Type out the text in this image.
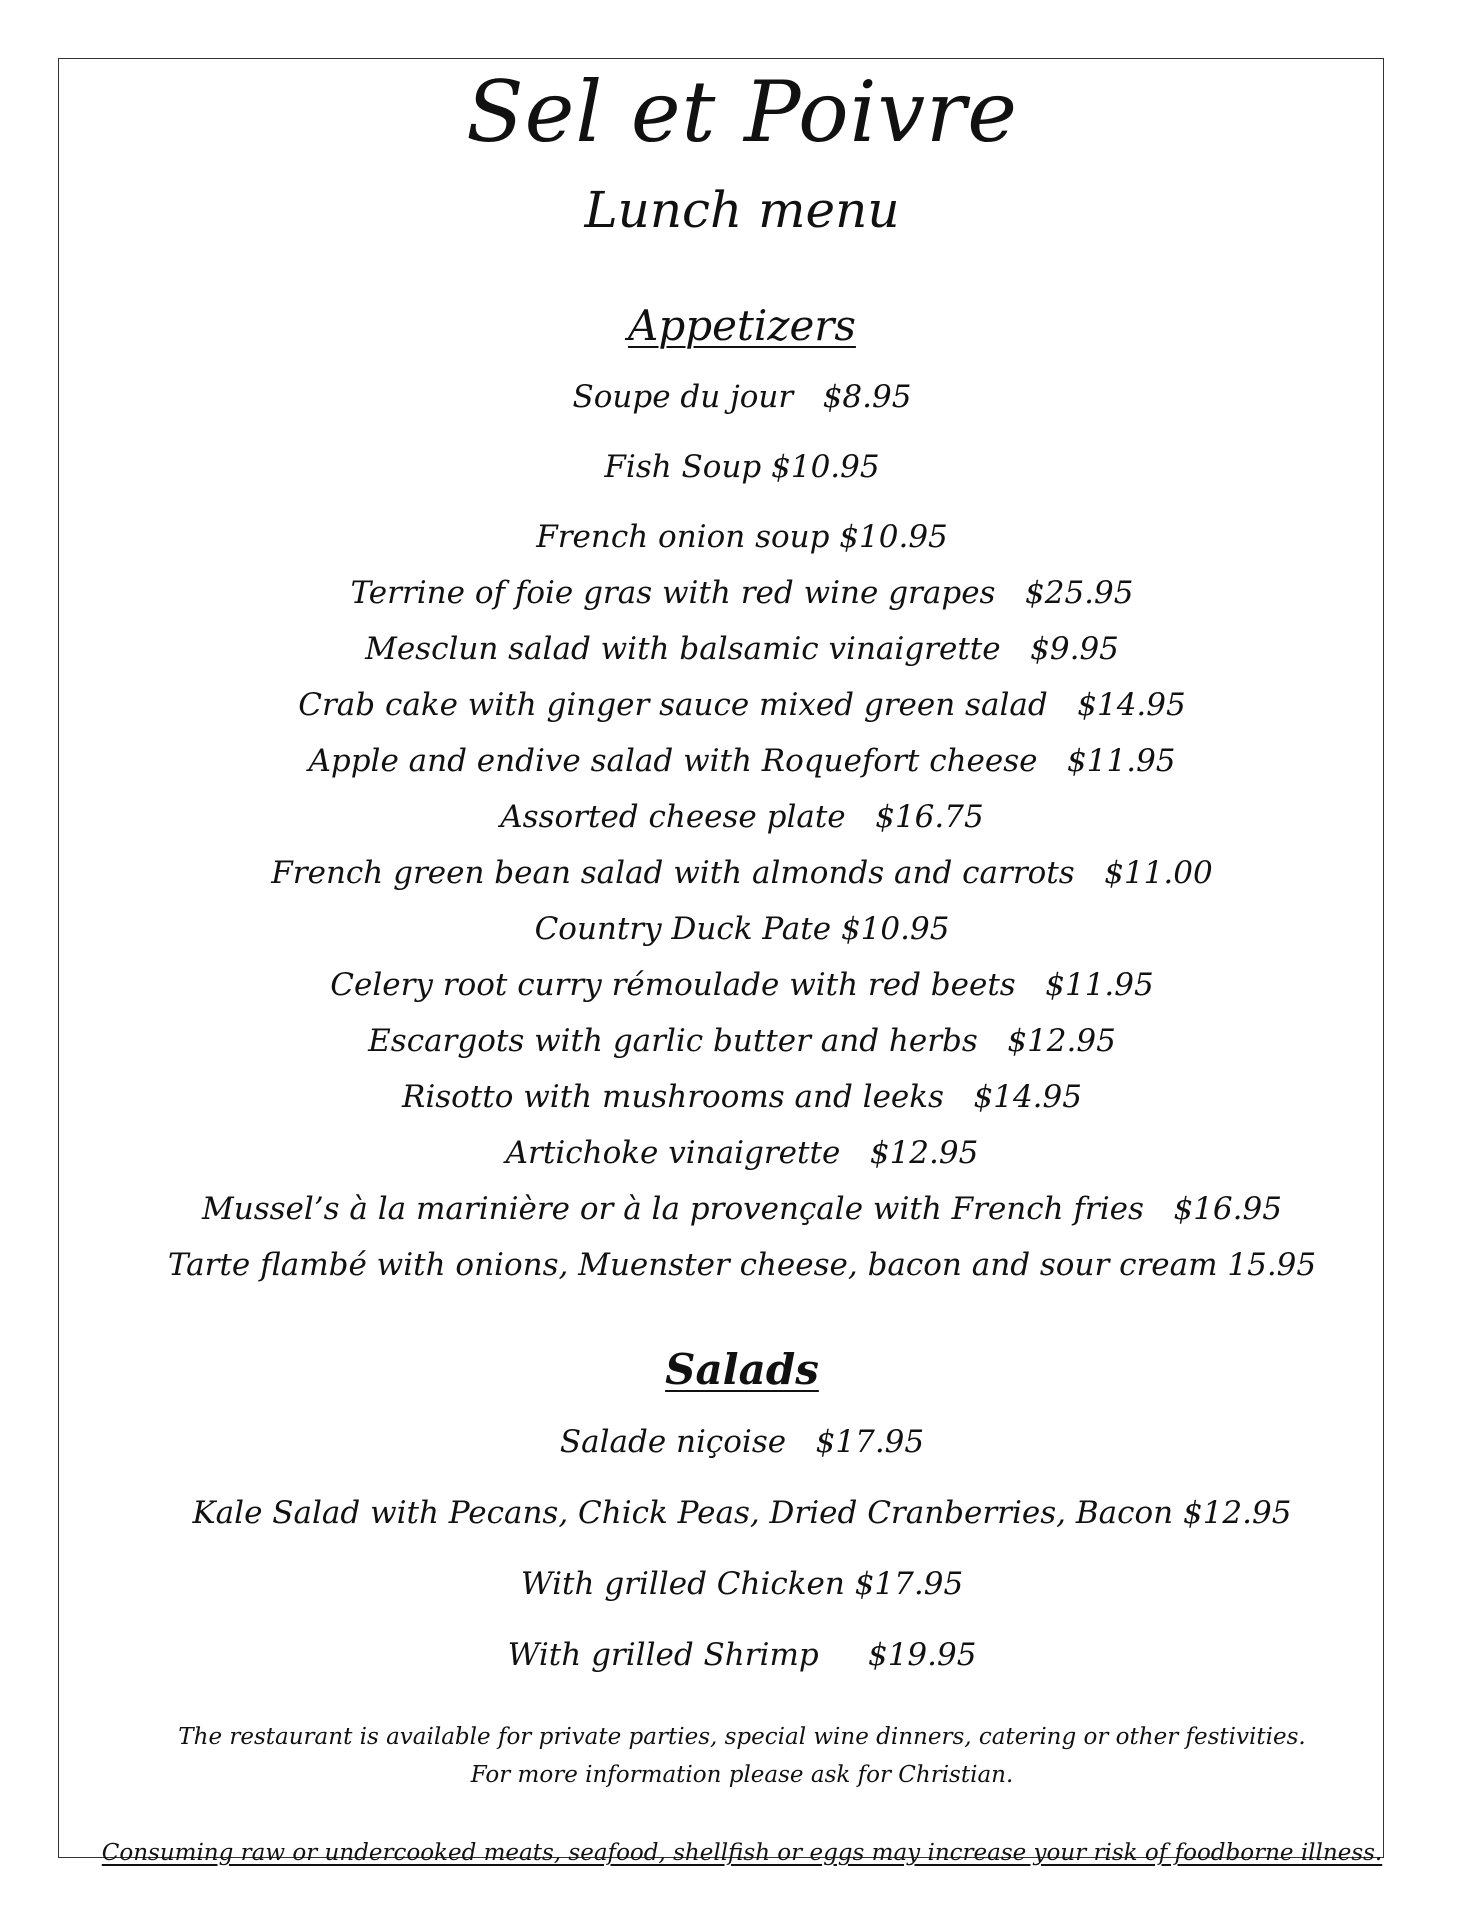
Sel et Poivre
Lunch menu
Appetizers
Soupe du jour   $8.95
Fish Soup $10.95
French onion soup $10.95
Terrine of foie gras with red wine grapes   $25.95
Mesclun salad with balsamic vinaigrette   $9.95
Crab cake with ginger sauce mixed green salad   $14.95
Apple and endive salad with Roquefort cheese   $11.95
Assorted cheese plate   $16.75
French green bean salad with almonds and carrots   $11.00
Country Duck Pate $10.95
Celery root curry rémoulade with red beets   $11.95
Escargots with garlic butter and herbs   $12.95
Risotto with mushrooms and leeks   $14.95
Artichoke vinaigrette   $12.95
Mussel’s à la marinière or à la provençale with French fries   $16.95
Tarte flambé with onions, Muenster cheese, bacon and sour cream 15.95
Salads
Salade niçoise   $17.95
Kale Salad with Pecans, Chick Peas, Dried Cranberries, Bacon $12.95
With grilled Chicken $17.95
With grilled Shrimp     $19.95
The restaurant is available for private parties, special wine dinners, catering or other festivities.
For more information please ask for Christian.
Consuming raw or undercooked meats, seafood, shellfish or eggs may increase your risk of foodborne illness.
